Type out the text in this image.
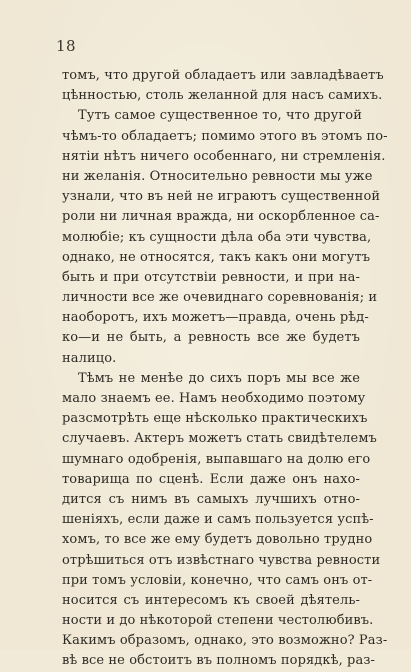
18
томъ, что другой обладаетъ или завладѣваетъ
цѣнностью, столь желанной для насъ самихъ.
Тутъ самое существенное то, что другой
чѣмъ-то обладаетъ; помимо этого въ этомъ по-
нятіи нѣтъ ничего особеннаго, ни стремленія.
ни желанія. Относительно ревности мы уже
узнали, что въ ней не играютъ существенной
роли ни личная вражда, ни оскорбленное са-
молюбіе; къ сущности дѣла оба эти чувства,
однако, не относятся, такъ какъ они могутъ
быть и при отсутствіи ревности, и при на-
личности все же очевиднаго соревнованія; и
наоборотъ, ихъ можетъ—правда, очень рѣд-
ко—и не быть, а ревность все же будетъ
налицо.
Тѣмъ не менѣе до сихъ поръ мы все же
мало знаемъ ее. Намъ необходимо поэтому
разсмотрѣть еще нѣсколько практическихъ
случаевъ. Актеръ можетъ стать свидѣтелемъ
шумнаго одобренія, выпавшаго на долю его
товарища по сценѣ. Если даже онъ нахо-
дится съ нимъ въ самыхъ лучшихъ отно-
шеніяхъ, если даже и самъ пользуется успѣ-
хомъ, то все же ему будетъ довольно трудно
отрѣшиться отъ извѣстнаго чувства ревности
при томъ условіи, конечно, что самъ онъ от-
носится съ интересомъ къ своей дѣятель-
ности и до нѣкоторой степени честолюбивъ.
Какимъ образомъ, однако, это возможно? Раз-
вѣ все не обстоитъ въ полномъ порядкѣ, раз-
